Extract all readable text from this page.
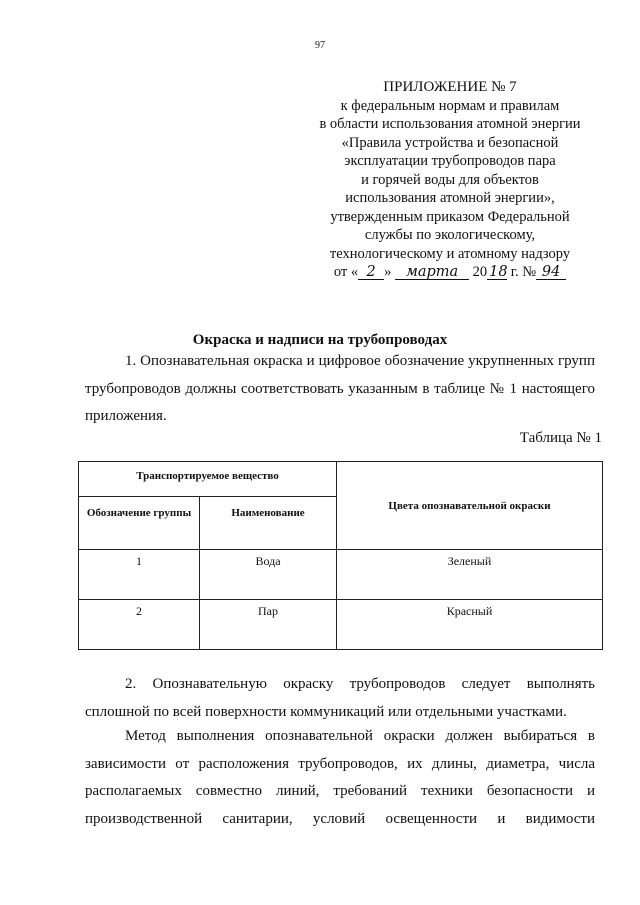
97
ПРИЛОЖЕНИЕ № 7
к федеральным нормам и правилам
в области использования атомной энергии
«Правила устройства и безопасной
эксплуатации трубопроводов пара
и горячей воды для объектов
использования атомной энергии»,
утвержденным приказом Федеральной
службы по экологическому,
технологическому и атомному надзору
от « 2 » марта 20 18 г. № 94
Окраска и надписи на трубопроводах

1. Опознавательная окраска и цифровое обозначение укрупненных групп трубопроводов должны соответствовать указанным в таблице № 1 настоящего приложения.

Таблица № 1
Транспортируемое вещество		Цвета опознавательной окраски

Обозначение группы	Наименование	

1	Вода	Зеленый

2	Пар	Красный

2. Опознавательную окраску трубопроводов следует выполнять сплошной по всей поверхности коммуникаций или отдельными участками.

Метод выполнения опознавательной окраски должен выбираться в зависимости от расположения трубопроводов, их длины, диаметра, числа располагаемых совместно линий, требований техники безопасности и производственной санитарии, условий освещенности и видимости
